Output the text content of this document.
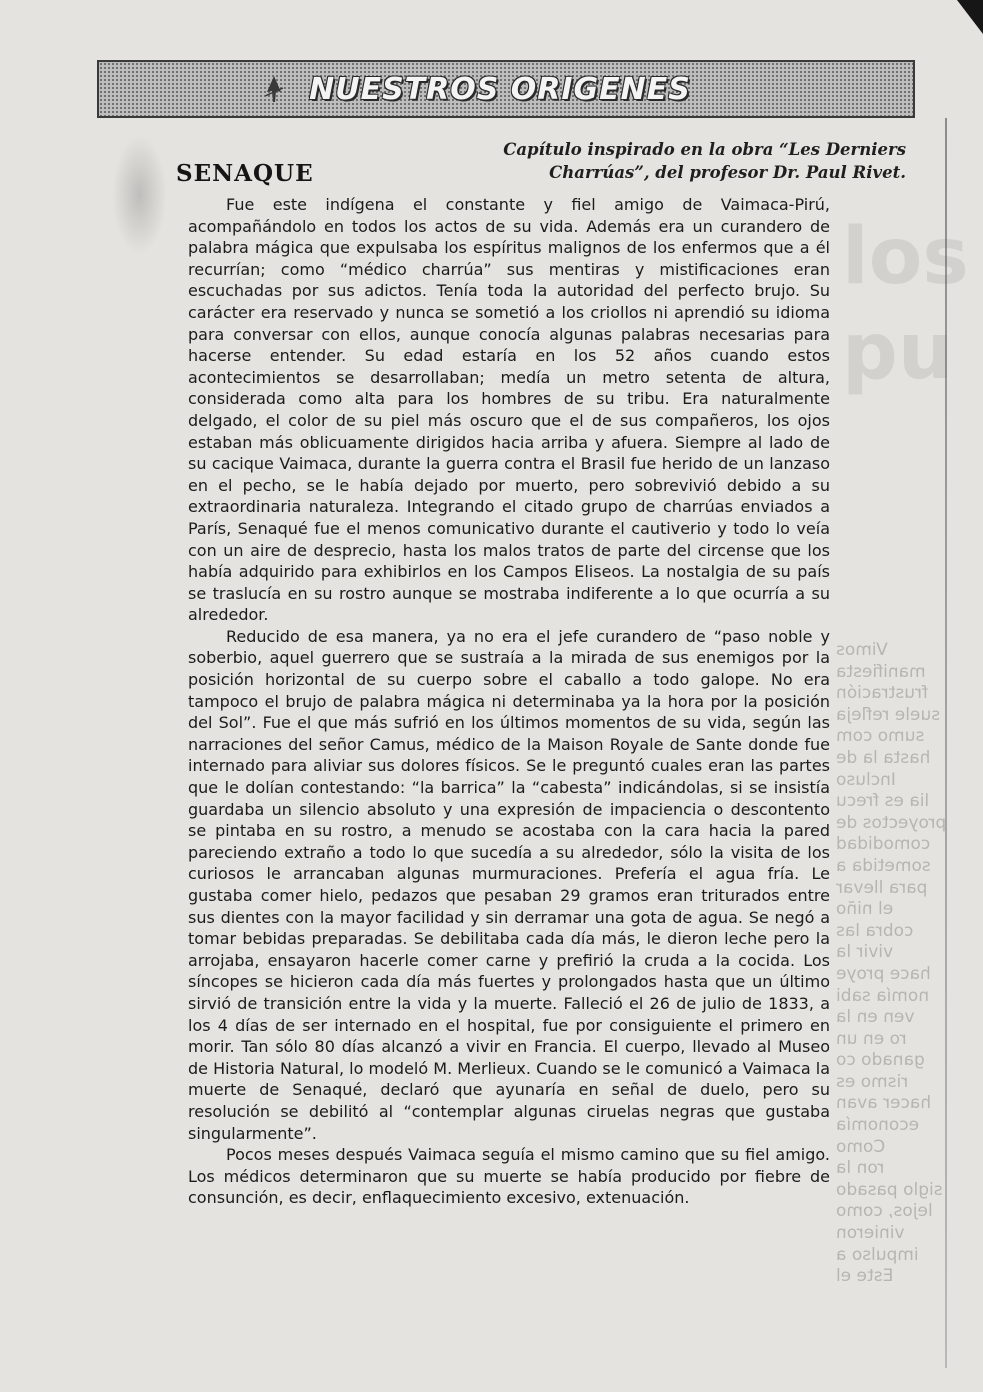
NUESTROS ORIGENES
los
pu
SENAQUE
Capítulo inspirado en la obra “Les Derniers
Charrúas”, del profesor Dr. Paul Rivet.

Fue este indígena el constante y fiel amigo de Vaimaca-Pirú, acompañándolo en todos los actos de su vida. Además era un curandero de palabra mágica que expulsaba los espíritus malignos de los enfermos que a él recurrían; como “médico charrúa” sus mentiras y mistificaciones eran escuchadas por sus adictos. Tenía toda la autoridad del perfecto brujo. Su carácter era reservado y nunca se sometió a los criollos ni aprendió su idioma para conversar con ellos, aunque conocía algunas palabras necesarias para hacerse entender. Su edad estaría en los 52 años cuando estos acontecimientos se desarrollaban; medía un metro setenta de altura, considerada como alta para los hombres de su tribu. Era naturalmente delgado, el color de su piel más oscuro que el de sus compañeros, los ojos estaban más oblicuamente dirigidos hacia arriba y afuera. Siempre al lado de su cacique Vaimaca, durante la guerra contra el Brasil fue herido de un lanzaso en el pecho, se le había dejado por muerto, pero sobrevivió debido a su extraordinaria naturaleza. Integrando el citado grupo de charrúas enviados a París, Senaqué fue el menos comunicativo durante el cautiverio y todo lo veía con un aire de desprecio, hasta los malos tratos de parte del circense que los había adquirido para exhibirlos en los Campos Eliseos. La nostalgia de su país se traslucía en su rostro aunque se mostraba indiferente a lo que ocurría a su alrededor.

Reducido de esa manera, ya no era el jefe curandero de “paso noble y soberbio, aquel guerrero que se sustraía a la mirada de sus enemigos por la posición horizontal de su cuerpo sobre el caballo a todo galope. No era tampoco el brujo de palabra mágica ni determinaba ya la hora por la posición del Sol”. Fue el que más sufrió en los últimos momentos de su vida, según las narraciones del señor Camus, médico de la Maison Royale de Sante donde fue internado para aliviar sus dolores físicos. Se le preguntó cuales eran las partes que le dolían contestando: “la barrica” la “cabesta” indicándolas, si se insistía guardaba un silencio absoluto y una expresión de impaciencia o descontento se pintaba en su rostro, a menudo se acostaba con la cara hacia la pared pareciendo extraño a todo lo que sucedía a su alrededor, sólo la visita de los curiosos le arrancaban algunas murmuraciones. Prefería el agua fría. Le gustaba comer hielo, pedazos que pesaban 29 gramos eran triturados entre sus dientes con la mayor facilidad y sin derramar una gota de agua. Se negó a tomar bebidas preparadas. Se debilitaba cada día más, le dieron leche pero la arrojaba, ensayaron hacerle comer carne y prefirió la cruda a la cocida. Los síncopes se hicieron cada día más fuertes y prolongados hasta que un último sirvió de transición entre la vida y la muerte. Falleció el 26 de julio de 1833, a los 4 días de ser internado en el hospital, fue por consiguiente el primero en morir. Tan sólo 80 días alcanzó a vivir en Francia. El cuerpo, llevado al Museo de Historia Natural, lo modeló M. Merlieux. Cuando se le comunicó a Vaimaca la muerte de Senaqué, declaró que ayunaría en señal de duelo, pero su resolución se debilitó al “contemplar algunas ciruelas negras que gustaba singularmente”.

Pocos meses después Vaimaca seguía el mismo camino que su fiel amigo. Los médicos determinaron que su muerte se había producido por fiebre de consunción, es decir, enflaquecimiento excesivo, extenuación.

Vimos
manifiesta
frustración
suele refleja
sumo com
hasta la de
Incluso
lia es frecu
proyectos de
comodidad
sometida a
para llevar
el niño
cobra las
vivir la
hace proye
nomía sabi
ven en la
ro en un
ganado co
rismo es
hacer avan
economía
Como
ron la
siglo pasado
lejos, como
vinieron
impulso a
Este el
